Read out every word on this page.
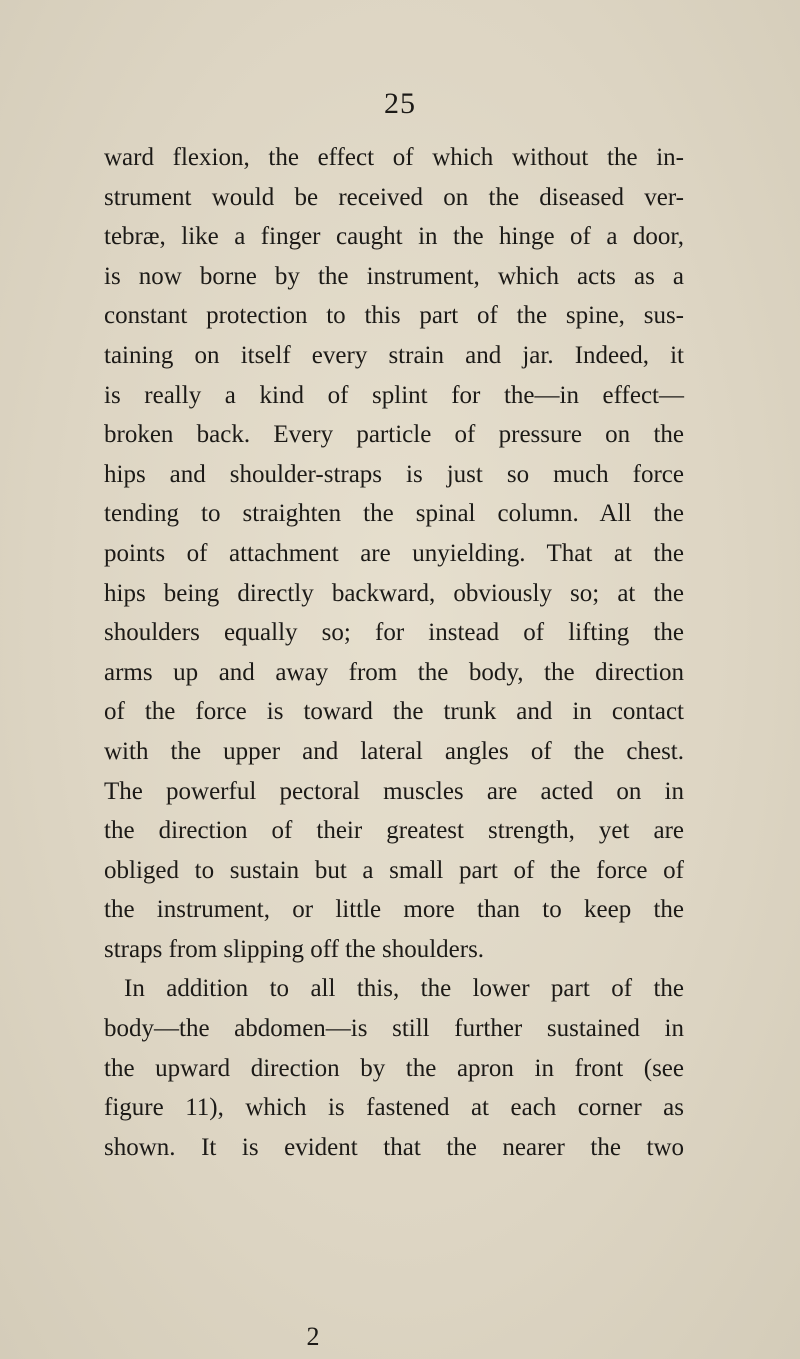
25
ward flexion, the effect of which without the in-
strument would be received on the diseased ver-
tebræ, like a finger caught in the hinge of a door,
is now borne by the instrument, which acts as a
constant protection to this part of the spine, sus-
taining on itself every strain and jar. Indeed, it
is really a kind of splint for the—in effect—
broken back. Every particle of pressure on the
hips and shoulder-straps is just so much force
tending to straighten the spinal column. All the
points of attachment are unyielding. That at the
hips being directly backward, obviously so; at the
shoulders equally so; for instead of lifting the
arms up and away from the body, the direction
of the force is toward the trunk and in contact
with the upper and lateral angles of the chest.
The powerful pectoral muscles are acted on in
the direction of their greatest strength, yet are
obliged to sustain but a small part of the force of
the instrument, or little more than to keep the
straps from slipping off the shoulders.
In addition to all this, the lower part of the
body—the abdomen—is still further sustained in
the upward direction by the apron in front (see
figure 11), which is fastened at each corner as
shown. It is evident that the nearer the two
2
